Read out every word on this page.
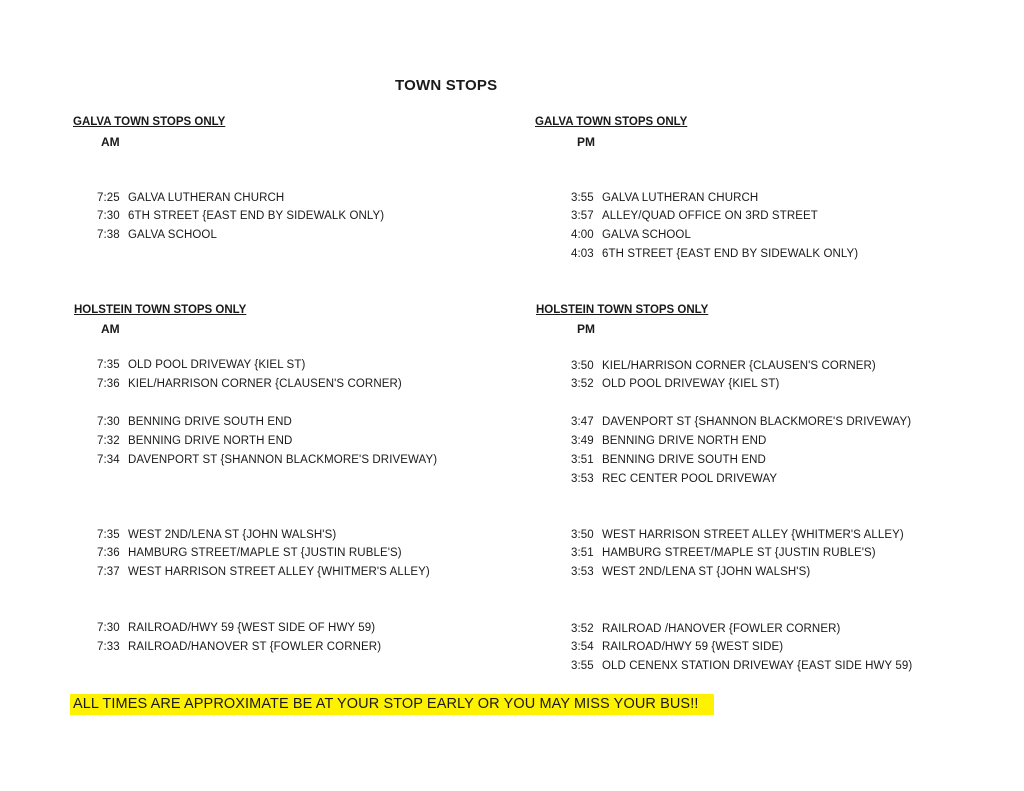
TOWN STOPS
GALVA TOWN STOPS ONLY
AM
7:25 GALVA LUTHERAN CHURCH
7:30 6TH STREET {EAST END BY SIDEWALK ONLY)
7:38 GALVA SCHOOL
GALVA TOWN STOPS ONLY
PM
3:55 GALVA LUTHERAN CHURCH
3:57 ALLEY/QUAD OFFICE ON 3RD STREET
4:00 GALVA SCHOOL
4:03 6TH STREET {EAST END BY SIDEWALK ONLY)
HOLSTEIN TOWN STOPS ONLY
AM
7:35 OLD POOL DRIVEWAY {KIEL ST)
7:36 KIEL/HARRISON CORNER {CLAUSEN'S CORNER)
7:30 BENNING DRIVE SOUTH END
7:32 BENNING DRIVE NORTH END
7:34 DAVENPORT ST {SHANNON BLACKMORE'S DRIVEWAY)
7:35 WEST 2ND/LENA ST {JOHN WALSH'S)
7:36 HAMBURG STREET/MAPLE ST {JUSTIN RUBLE'S)
7:37 WEST HARRISON STREET ALLEY {WHITMER'S ALLEY)
7:30 RAILROAD/HWY 59 {WEST SIDE OF HWY 59)
7:33 RAILROAD/HANOVER ST {FOWLER CORNER)
HOLSTEIN TOWN STOPS ONLY
PM
3:50 KIEL/HARRISON CORNER {CLAUSEN'S CORNER)
3:52 OLD POOL DRIVEWAY {KIEL ST)
3:47 DAVENPORT ST {SHANNON BLACKMORE'S DRIVEWAY)
3:49 BENNING DRIVE NORTH END
3:51 BENNING DRIVE SOUTH END
3:53 REC CENTER POOL DRIVEWAY
3:50 WEST HARRISON STREET ALLEY {WHITMER'S ALLEY)
3:51 HAMBURG STREET/MAPLE ST {JUSTIN RUBLE'S)
3:53 WEST 2ND/LENA ST {JOHN WALSH'S)
3:52 RAILROAD /HANOVER {FOWLER CORNER)
3:54 RAILROAD/HWY 59 {WEST SIDE)
3:55 OLD CENENX STATION DRIVEWAY {EAST SIDE HWY 59)
ALL TIMES ARE APPROXIMATE BE AT YOUR STOP EARLY OR YOU MAY MISS YOUR BUS!!
